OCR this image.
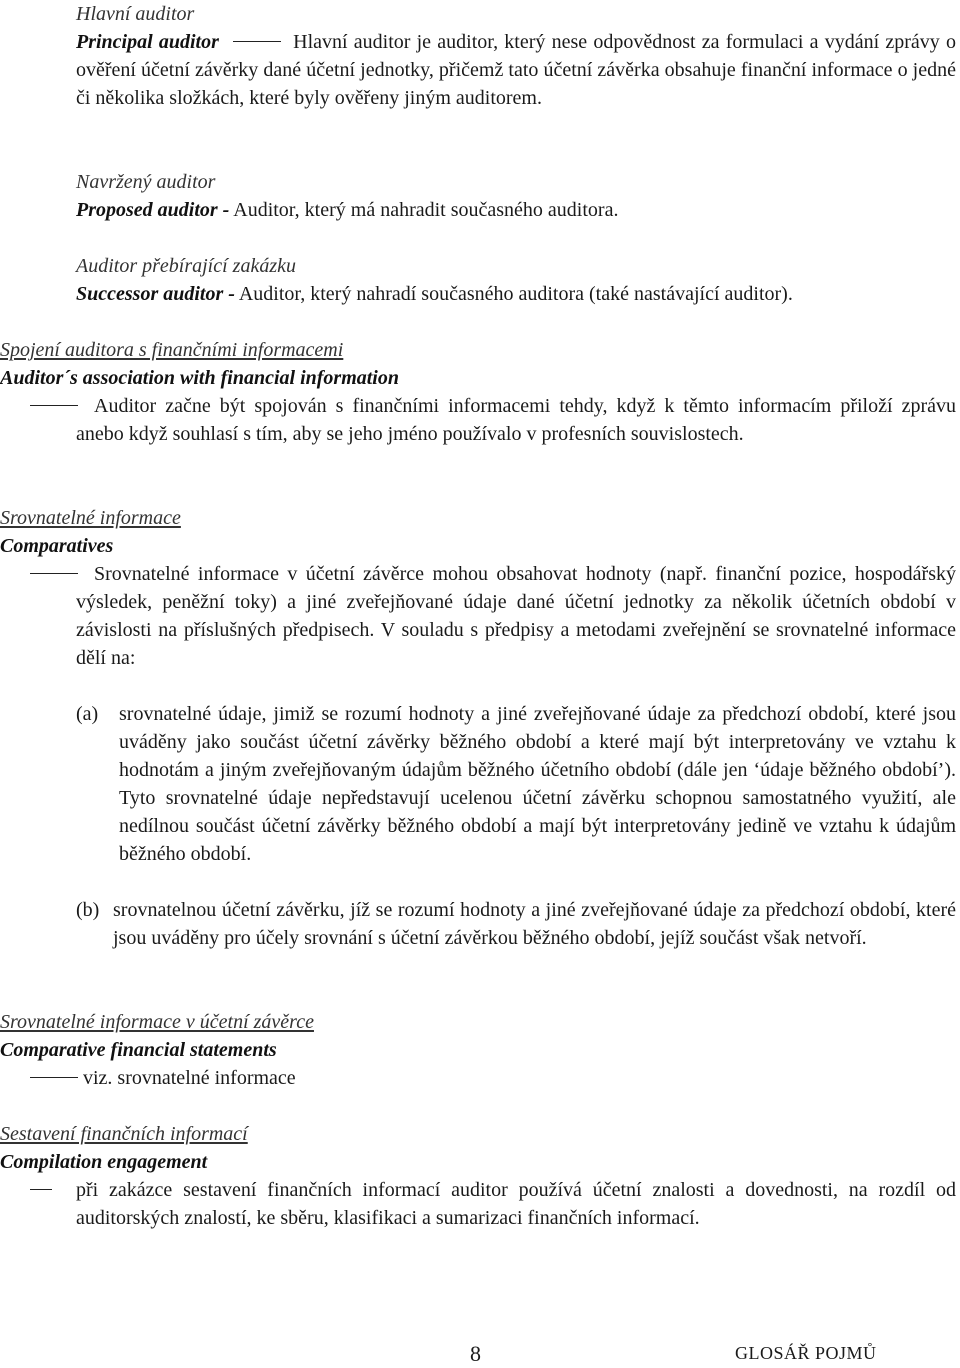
Hlavní auditor
Principal auditor	Hlavní auditor je auditor, který nese odpovědnost za formulaci a vydání zprávy o ověření účetní závěrky dané účetní jednotky, přičemž tato účetní závěrka obsahuje finanční informace o jedné či několika složkách, které byly ověřeny jiným auditorem.
Navržený auditor
Proposed auditor - Auditor, který má nahradit současného auditora.
Auditor přebírající zakázku
Successor auditor - Auditor, který nahradí současného auditora (také nastávající auditor).
Spojení auditora s finančními informacemi
Auditor´s association with financial information
Auditor začne být spojován s finančními informacemi tehdy, když k těmto informacím přiloží zprávu anebo když souhlasí s tím, aby se jeho jméno používalo v profesních souvislostech.
Srovnatelné informace
Comparatives
Srovnatelné informace v účetní závěrce mohou obsahovat hodnoty (např. finanční pozice, hospodářský výsledek, peněžní toky) a jiné zveřejňované údaje dané účetní jednotky za několik účetních období v závislosti na příslušných předpisech. V souladu s předpisy a metodami zveřejnění se srovnatelné informace dělí na:
(a) srovnatelné údaje, jimiž se rozumí hodnoty a jiné zveřejňované údaje za předchozí období, které jsou uváděny jako součást účetní závěrky běžného období a které mají být interpretovány ve vztahu k hodnotám a jiným zveřejňovaným údajům běžného účetního období (dále jen ‘údaje běžného období’). Tyto srovnatelné údaje nepředstavují ucelenou účetní závěrku schopnou samostatného využití, ale nedílnou součást účetní závěrky běžného období a mají být interpretovány jedině ve vztahu k údajům běžného období.
(b) srovnatelnou účetní závěrku, jíž se rozumí hodnoty a jiné zveřejňované údaje za předchozí období, které jsou uváděny pro účely srovnání s účetní závěrkou běžného období, jejíž součást však netvoří.
Srovnatelné informace v účetní závěrce
Comparative financial statements
viz. srovnatelné informace
Sestavení finančních informací
Compilation engagement
při zakázce sestavení finančních informací auditor používá účetní znalosti a dovednosti, na rozdíl od auditorských znalostí, ke sběru, klasifikaci a sumarizaci finančních informací.
8	GLOSÁŘ POJMŮ
